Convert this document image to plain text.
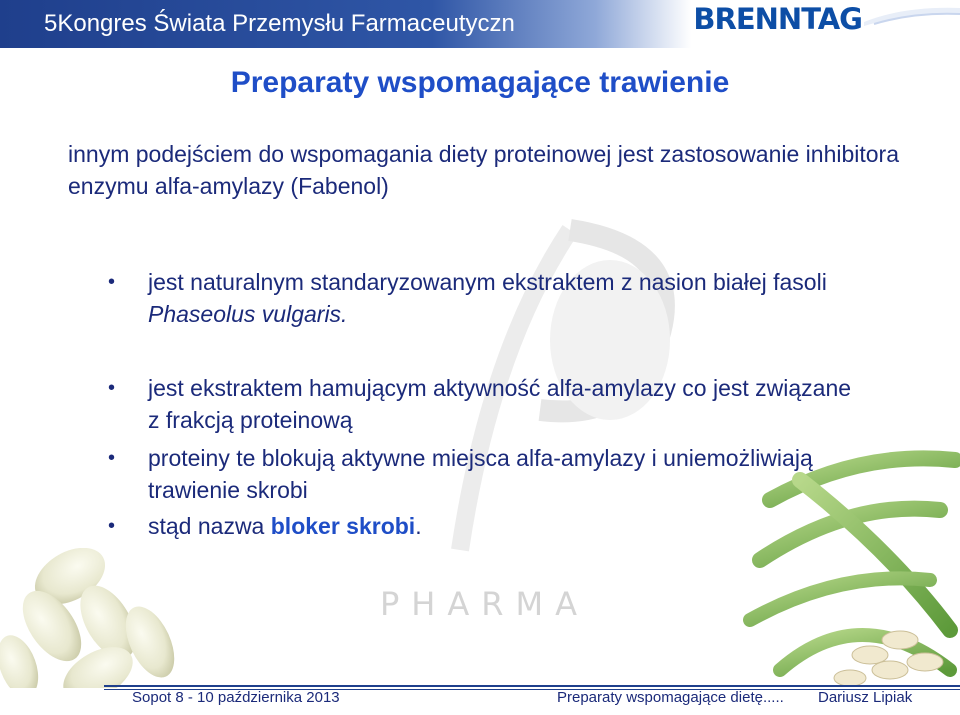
5Kongres Świata Przemysłu Farmaceutyczn	BRENNTAG
Preparaty wspomagające trawienie
PHARMA
innym podejściem do wspomagania diety proteinowej jest zastosowanie inhibitora enzymu alfa-amylazy (Fabenol)
• jest naturalnym standaryzowanym ekstraktem z nasion białej fasoli Phaseolus vulgaris.
• jest ekstraktem hamującym aktywność alfa-amylazy co jest związane z frakcją proteinową
• proteiny te blokują aktywne miejsca alfa-amylazy i uniemożliwiają trawienie skrobi
• stąd nazwa bloker skrobi.
Sopot 8 - 10 października 2013	Preparaty wspomagające dietę..... Dariusz Lipiak
